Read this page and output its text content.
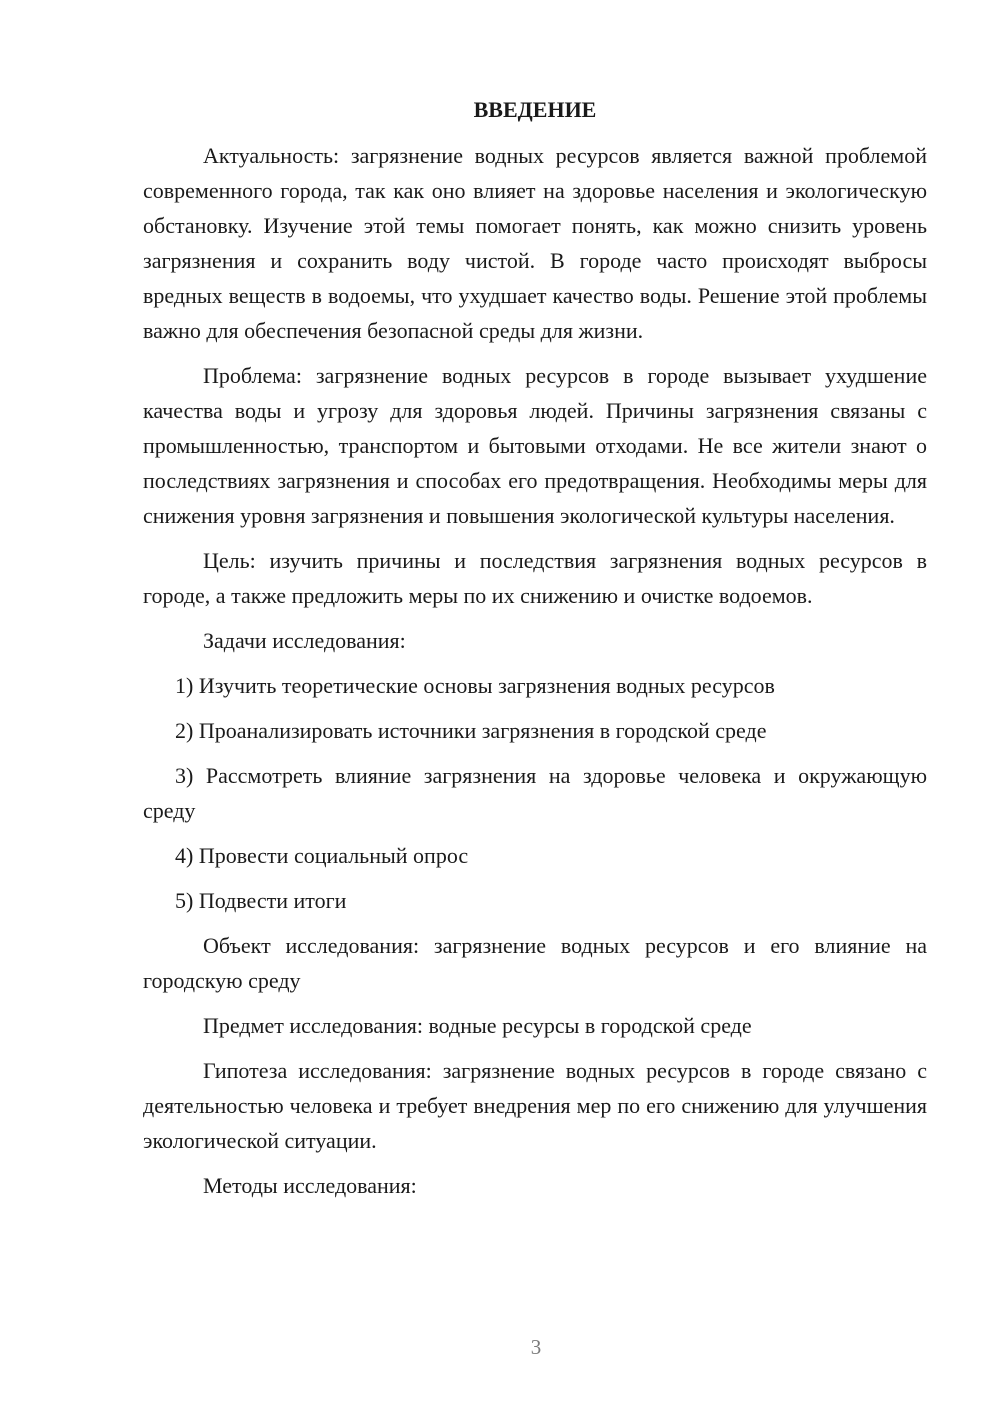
ВВЕДЕНИЕ

Актуальность: загрязнение водных ресурсов является важной проблемой современного города, так как оно влияет на здоровье населения и экологическую обстановку. Изучение этой темы помогает понять, как можно снизить уровень загрязнения и сохранить воду чистой. В городе часто происходят выбросы вредных веществ в водоемы, что ухудшает качество воды. Решение этой проблемы важно для обеспечения безопасной среды для жизни.

Проблема: загрязнение водных ресурсов в городе вызывает ухудшение качества воды и угрозу для здоровья людей. Причины загрязнения связаны с промышленностью, транспортом и бытовыми отходами. Не все жители знают о последствиях загрязнения и способах его предотвращения. Необходимы меры для снижения уровня загрязнения и повышения экологической культуры населения.

Цель: изучить причины и последствия загрязнения водных ресурсов в городе, а также предложить меры по их снижению и очистке водоемов.

Задачи исследования:

1) Изучить теоретические основы загрязнения водных ресурсов

2) Проанализировать источники загрязнения в городской среде

3) Рассмотреть влияние загрязнения на здоровье человека и окружающую среду

4) Провести социальный опрос

5) Подвести итоги

Объект исследования: загрязнение водных ресурсов и его влияние на городскую среду

Предмет исследования: водные ресурсы в городской среде

Гипотеза исследования: загрязнение водных ресурсов в городе связано с деятельностью человека и требует внедрения мер по его снижению для улучшения экологической ситуации.

Методы исследования:

3
